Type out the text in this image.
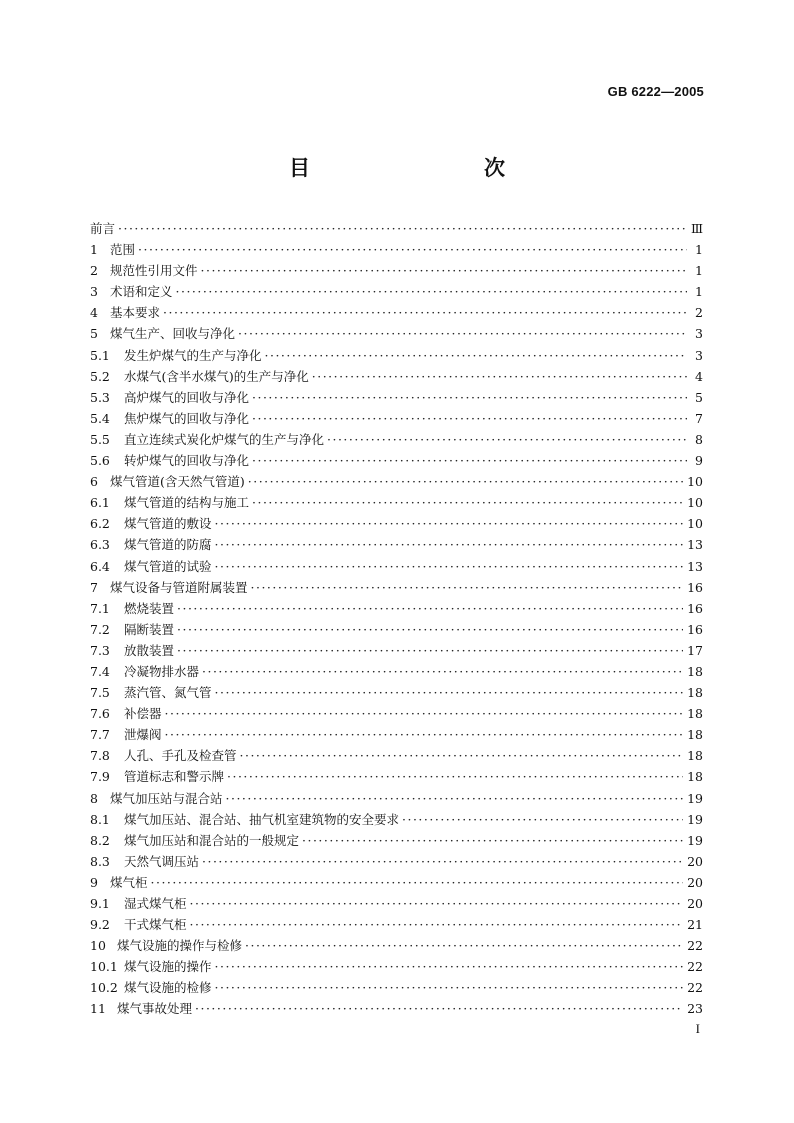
GB 6222—2005
目　　次
前言 ·····	Ⅲ
1 范围 ·····	1
2 规范性引用文件 ·····	1
3 术语和定义 ·····	1
4 基本要求 ·····	2
5 煤气生产、回收与净化 ·····	3
5.1	发生炉煤气的生产与净化 ·····	3
5.2	水煤气(含半水煤气)的生产与净化 ·····	4
5.3	高炉煤气的回收与净化 ·····	5
5.4	焦炉煤气的回收与净化 ·····	7
5.5	直立连续式炭化炉煤气的生产与净化 ·····	8
5.6	转炉煤气的回收与净化 ·····	9
6 煤气管道(含天然气管道) ·····	10
6.1	煤气管道的结构与施工 ·····	10
6.2	煤气管道的敷设 ·····	10
6.3	煤气管道的防腐 ·····	13
6.4	煤气管道的试验 ·····	13
7 煤气设备与管道附属装置 ·····	16
7.1	燃烧装置 ·····	16
7.2	隔断装置 ·····	16
7.3	放散装置 ·····	17
7.4	冷凝物排水器 ·····	18
7.5	蒸汽管、氮气管 ·····	18
7.6	补偿器 ·····	18
7.7	泄爆阀 ·····	18
7.8	人孔、手孔及检查管 ·····	18
7.9	管道标志和警示牌 ·····	18
8 煤气加压站与混合站 ·····	19
8.1	煤气加压站、混合站、抽气机室建筑物的安全要求 ·····	19
8.2	煤气加压站和混合站的一般规定 ·····	19
8.3	天然气调压站 ·····	20
9 煤气柜 ·····	20
9.1	湿式煤气柜 ·····	20
9.2	干式煤气柜 ·····	21
10 煤气设施的操作与检修 ·····	22
10.1 煤气设施的操作 ·····	22
10.2 煤气设施的检修 ·····	22
11 煤气事故处理 ·····	23
I
